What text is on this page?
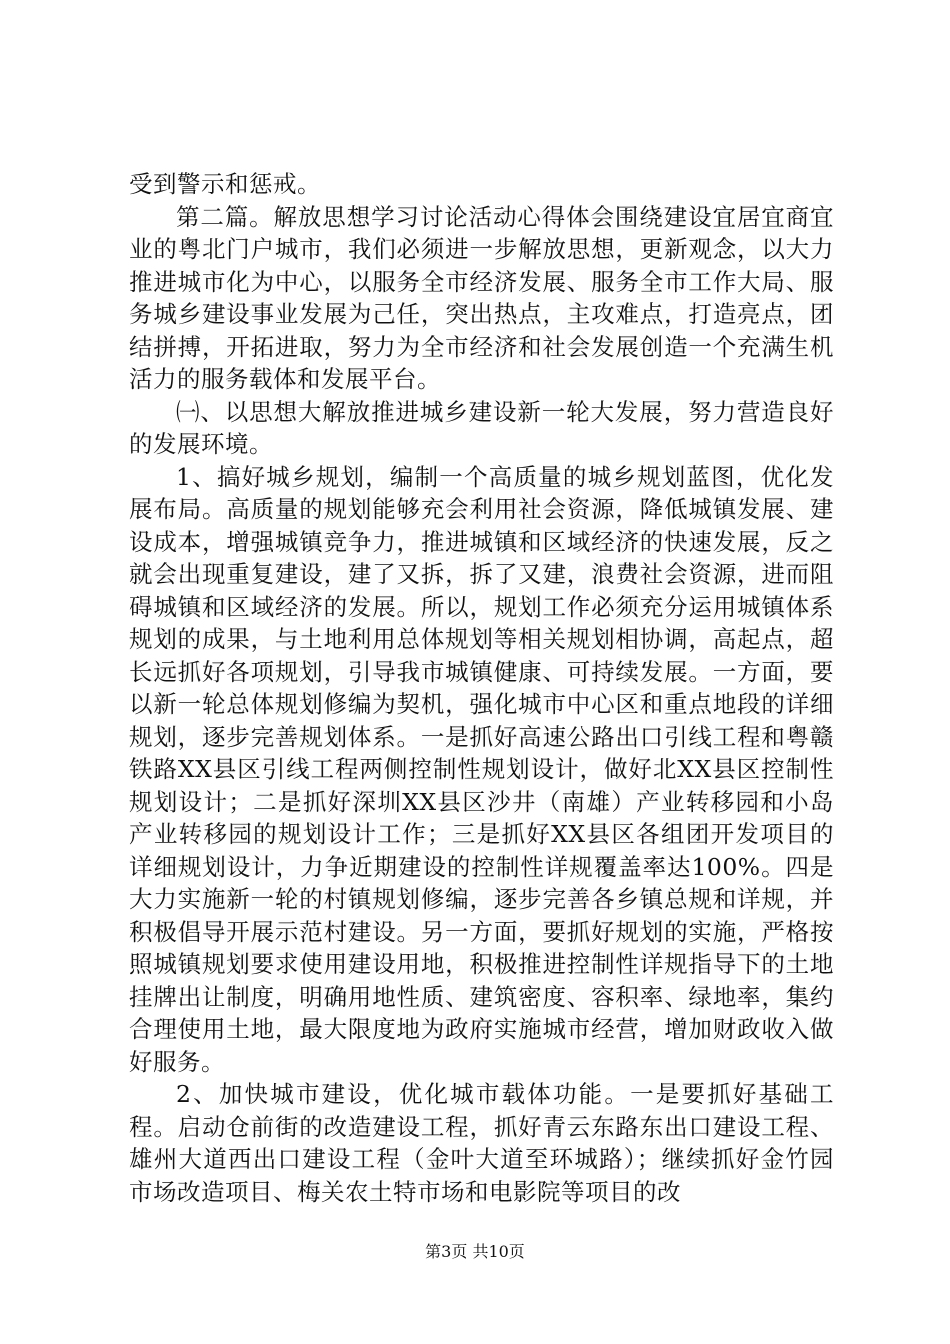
受到警示和惩戒。

第二篇。解放思想学习讨论活动心得体会围绕建设宜居宜商宜业的粤北门户城市，我们必须进一步解放思想，更新观念，以大力推进城市化为中心，以服务全市经济发展、服务全市工作大局、服务城乡建设事业发展为己任，突出热点，主攻难点，打造亮点，团结拼搏，开拓进取，努力为全市经济和社会发展创造一个充满生机活力的服务载体和发展平台。

㈠、以思想大解放推进城乡建设新一轮大发展，努力营造良好的发展环境。

1、搞好城乡规划，编制一个高质量的城乡规划蓝图，优化发展布局。高质量的规划能够充会利用社会资源，降低城镇发展、建设成本，增强城镇竞争力，推进城镇和区域经济的快速发展，反之就会出现重复建设，建了又拆，拆了又建，浪费社会资源，进而阻碍城镇和区域经济的发展。所以，规划工作必须充分运用城镇体系规划的成果，与土地利用总体规划等相关规划相协调，高起点，超长远抓好各项规划，引导我市城镇健康、可持续发展。一方面，要以新一轮总体规划修编为契机，强化城市中心区和重点地段的详细规划，逐步完善规划体系。一是抓好高速公路出口引线工程和粤赣铁路XX县区引线工程两侧控制性规划设计，做好北XX县区控制性规划设计；二是抓好深圳XX县区沙井（南雄）产业转移园和小岛产业转移园的规划设计工作；三是抓好XX县区各组团开发项目的详细规划设计，力争近期建设的控制性详规覆盖率达100%。四是大力实施新一轮的村镇规划修编，逐步完善各乡镇总规和详规，并积极倡导开展示范村建设。另一方面，要抓好规划的实施，严格按照城镇规划要求使用建设用地，积极推进控制性详规指导下的土地挂牌出让制度，明确用地性质、建筑密度、容积率、绿地率，集约合理使用土地，最大限度地为政府实施城市经营，增加财政收入做好服务。

2、加快城市建设，优化城市载体功能。一是要抓好基础工程。启动仓前街的改造建设工程，抓好青云东路东出口建设工程、雄州大道西出口建设工程（金叶大道至环城路）；继续抓好金竹园市场改造项目、梅关农土特市场和电影院等项目的改

第3页 共10页
